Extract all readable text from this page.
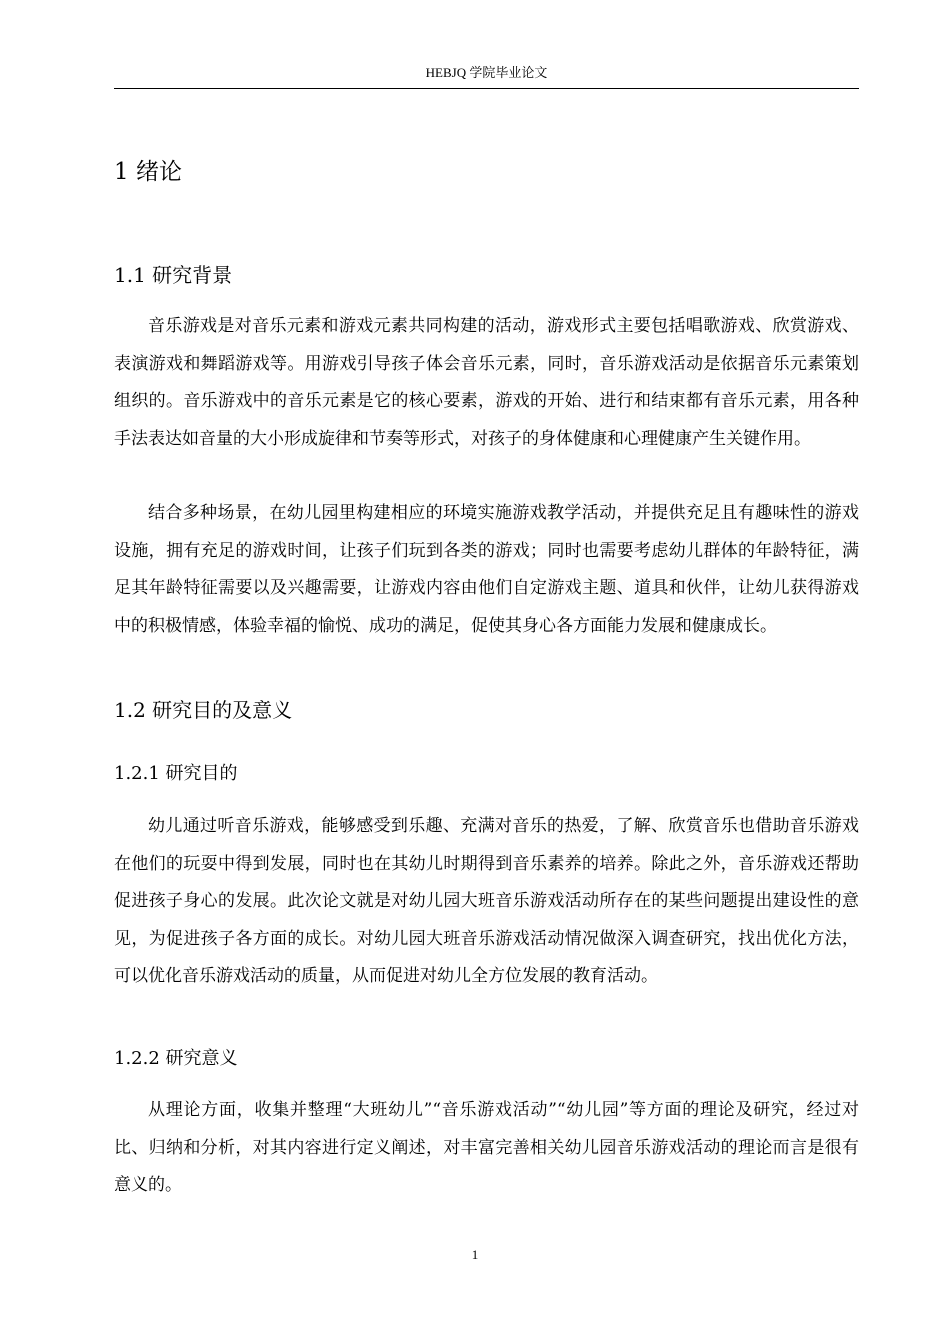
HEBJQ 学院毕业论文
1 绪论
1.1 研究背景

音乐游戏是对音乐元素和游戏元素共同构建的活动，游戏形式主要包括唱歌游戏、欣赏游戏、表演游戏和舞蹈游戏等。用游戏引导孩子体会音乐元素，同时，音乐游戏活动是依据音乐元素策划组织的。音乐游戏中的音乐元素是它的核心要素，游戏的开始、进行和结束都有音乐元素，用各种手法表达如音量的大小形成旋律和节奏等形式，对孩子的身体健康和心理健康产生关键作用。

结合多种场景，在幼儿园里构建相应的环境实施游戏教学活动，并提供充足且有趣味性的游戏设施，拥有充足的游戏时间，让孩子们玩到各类的游戏；同时也需要考虑幼儿群体的年龄特征，满足其年龄特征需要以及兴趣需要，让游戏内容由他们自定游戏主题、道具和伙伴，让幼儿获得游戏中的积极情感，体验幸福的愉悦、成功的满足，促使其身心各方面能力发展和健康成长。

1.2 研究目的及意义
1.2.1 研究目的

幼儿通过听音乐游戏，能够感受到乐趣、充满对音乐的热爱，了解、欣赏音乐也借助音乐游戏在他们的玩耍中得到发展，同时也在其幼儿时期得到音乐素养的培养。除此之外，音乐游戏还帮助促进孩子身心的发展。此次论文就是对幼儿园大班音乐游戏活动所存在的某些问题提出建设性的意见，为促进孩子各方面的成长。对幼儿园大班音乐游戏活动情况做深入调查研究，找出优化方法，可以优化音乐游戏活动的质量，从而促进对幼儿全方位发展的教育活动。

1.2.2 研究意义

从理论方面，收集并整理“大班幼儿”“音乐游戏活动”“幼儿园”等方面的理论及研究，经过对比、归纳和分析，对其内容进行定义阐述，对丰富完善相关幼儿园音乐游戏活动的理论而言是很有意义的。

1
